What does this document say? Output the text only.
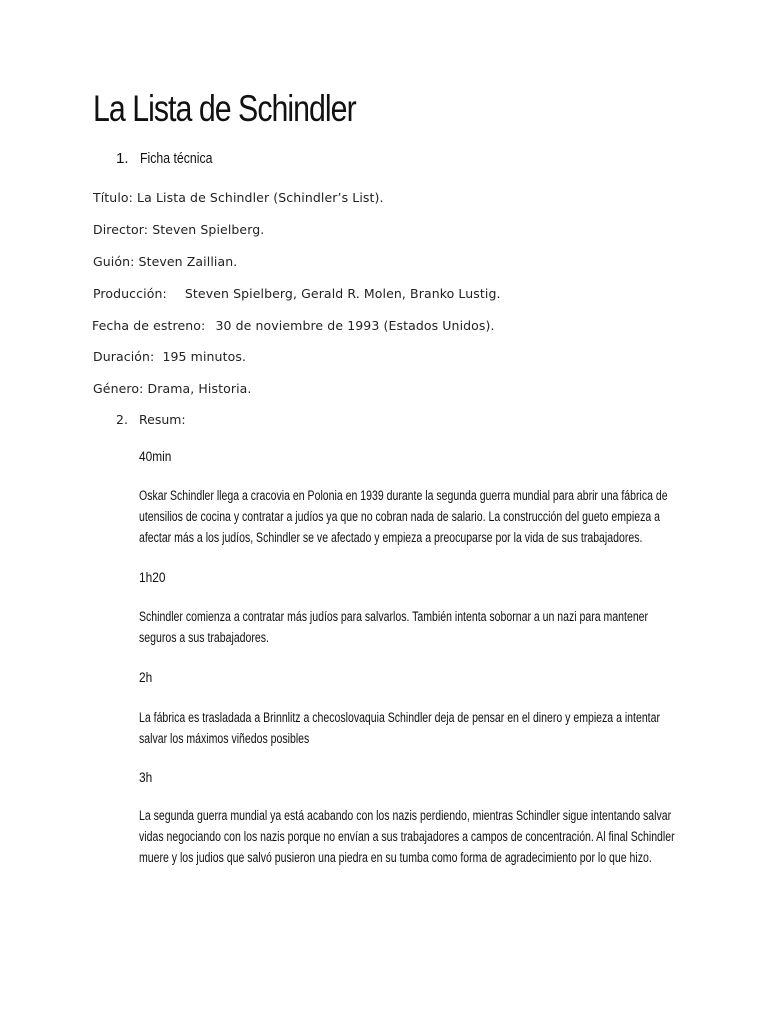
La Lista de Schindler
1. Ficha técnica
Título: La Lista de Schindler (Schindler’s List).
Director: Steven Spielberg.
Guión: Steven Zaillian.
Producción: Steven Spielberg, Gerald R. Molen, Branko Lustig.
Fecha de estreno: 30 de noviembre de 1993 (Estados Unidos).
Duración: 195 minutos.
Género: Drama, Historia.
2. Resum:
40min
Oskar Schindler llega a cracovia en Polonia en 1939 durante la segunda guerra mundial para abrir una fábrica de
utensilios de cocina y contratar a judíos ya que no cobran nada de salario. La construcción del gueto empieza a
afectar más a los judíos, Schindler se ve afectado y empieza a preocuparse por la vida de sus trabajadores.
1h20
Schindler comienza a contratar más judíos para salvarlos. También intenta sobornar a un nazi para mantener
seguros a sus trabajadores.
2h
La fábrica es trasladada a Brinnlitz a checoslovaquia Schindler deja de pensar en el dinero y empieza a intentar
salvar los máximos viñedos posibles
3h
La segunda guerra mundial ya está acabando con los nazis perdiendo, mientras Schindler sigue intentando salvar
vidas negociando con los nazis porque no envían a sus trabajadores a campos de concentración. Al final Schindler
muere y los judios que salvó pusieron una piedra en su tumba como forma de agradecimiento por lo que hizo.
